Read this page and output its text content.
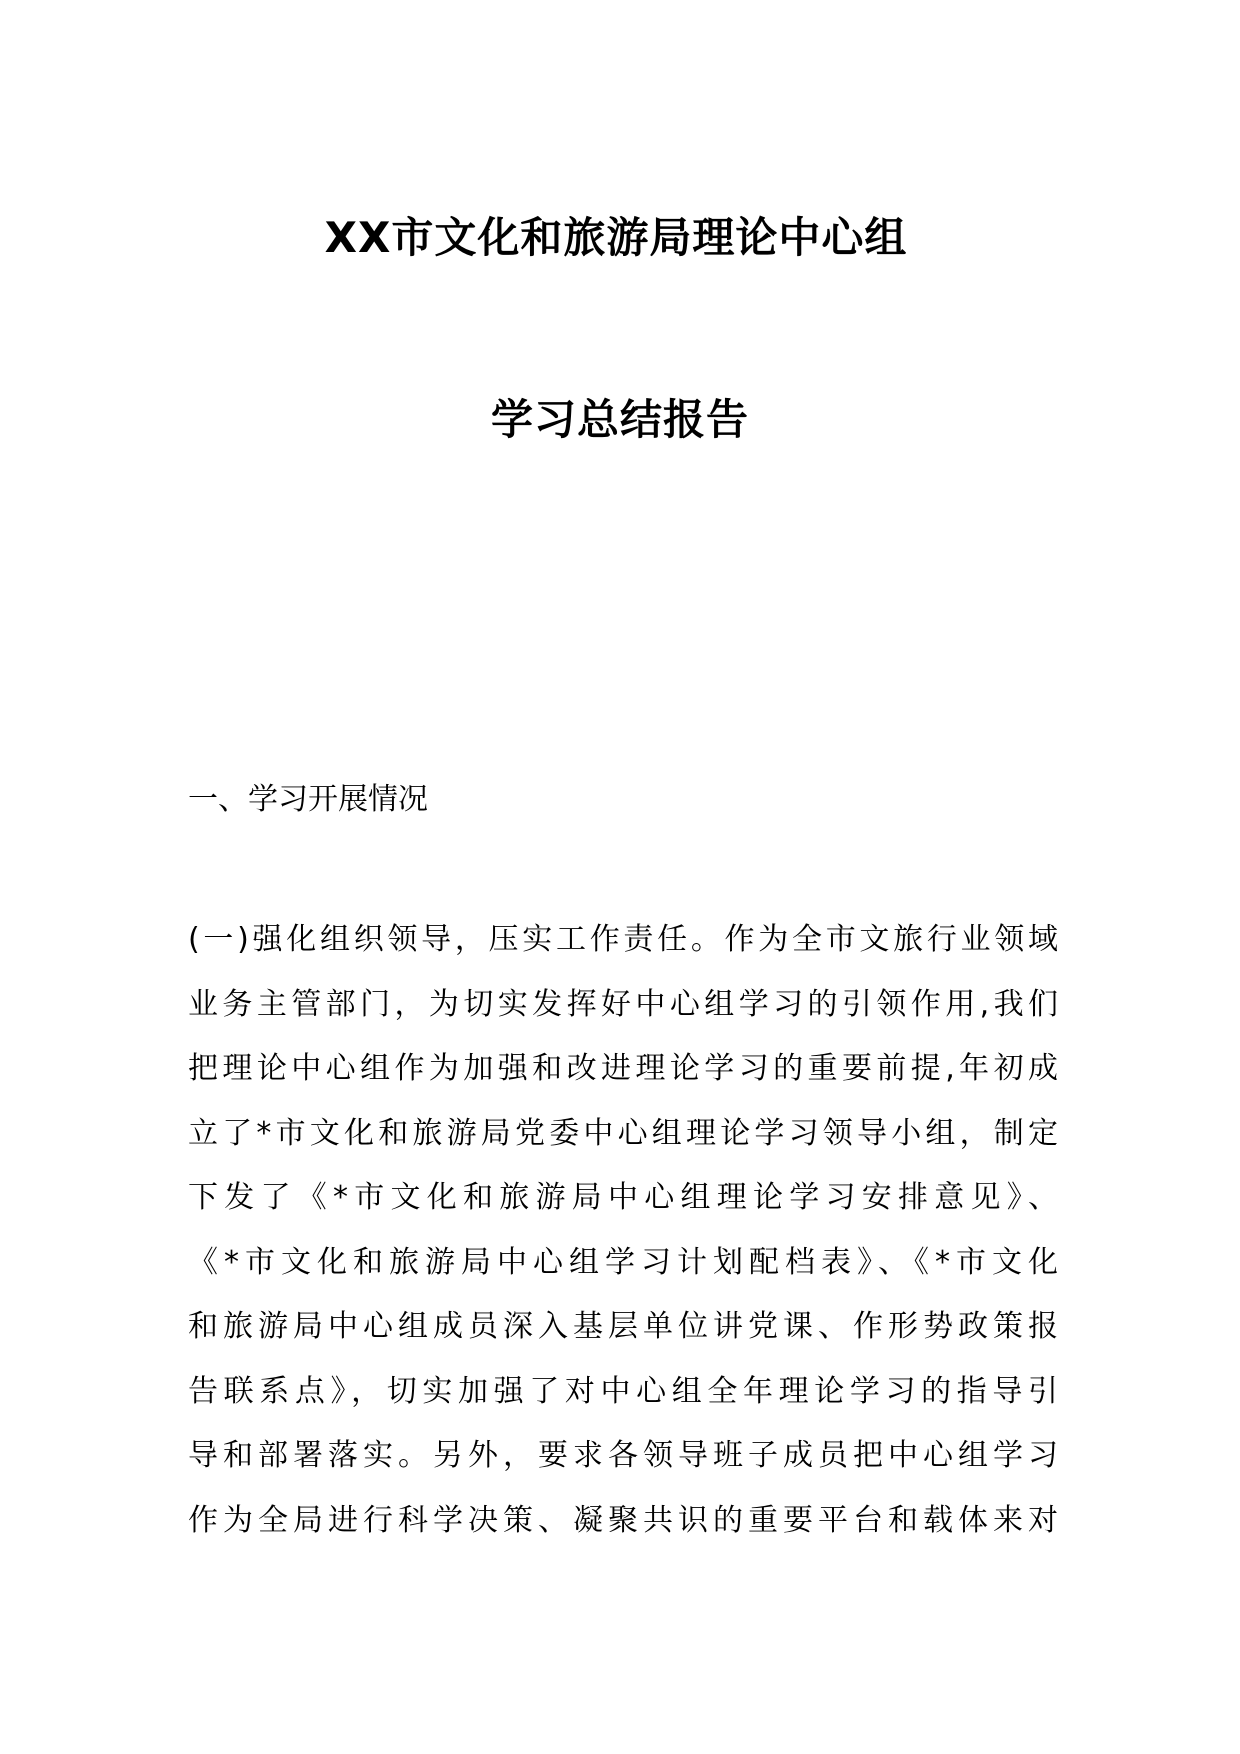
XX市文化和旅游局理论中心组
学习总结报告
一、学习开展情况
(一)强化组织领导，压实工作责任。作为全市文旅行业领域
业务主管部门，为切实发挥好中心组学习的引领作用,我们
把理论中心组作为加强和改进理论学习的重要前提,年初成
立了*市文化和旅游局党委中心组理论学习领导小组，制定
下发了《*市文化和旅游局中心组理论学习安排意见》、
《*市文化和旅游局中心组学习计划配档表》、《*市文化
和旅游局中心组成员深入基层单位讲党课、作形势政策报
告联系点》，切实加强了对中心组全年理论学习的指导引
导和部署落实。另外，要求各领导班子成员把中心组学习
作为全局进行科学决策、凝聚共识的重要平台和载体来对
